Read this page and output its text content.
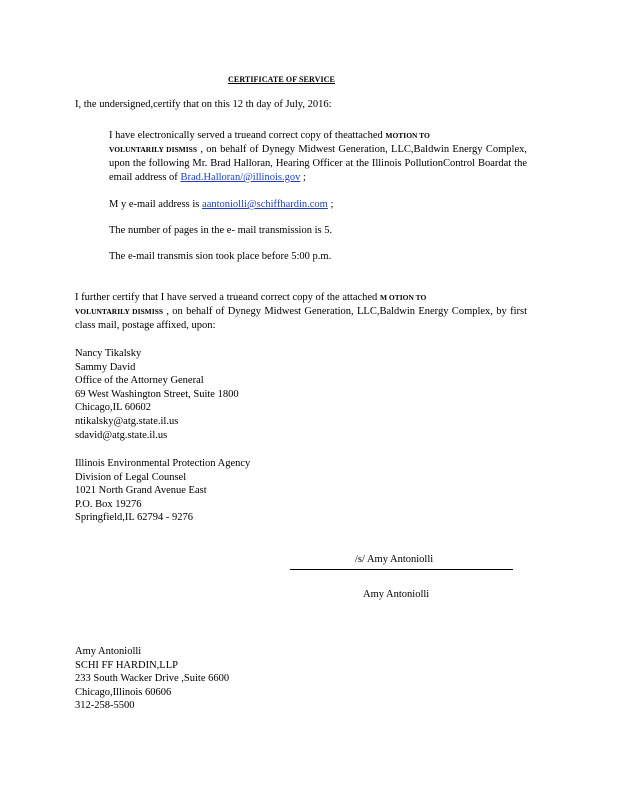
CERTIFICATE OF SERVICE
I, the undersigned,certify that on this 12 th day of July, 2016:
I have electronically served a trueand correct copy of theattached MOTION TO
VOLUNTARILY DISMISS , on behalf of Dynegy Midwest Generation, LLC,Baldwin Energy Complex, upon the following Mr. Brad Halloran, Hearing Officer at the Illinois PollutionControl Boardat the email address of Brad.Halloran/@illinois.gov ;
M y e-mail address is aantoniolli@schiffhardin.com ;
The number of pages in the e- mail transmission is 5.
The e-mail transmis sion took place before 5:00 p.m.
I further certify that I have served a trueand correct copy of the attached M OTION TO
VOLUNTARILY DISMISS , on behalf of Dynegy Midwest Generation, LLC,Baldwin Energy Complex, by first class mail, postage affixed, upon:
Nancy Tikalsky
Sammy David
Office of the Attorney General
69 West Washington Street, Suite 1800
Chicago,IL 60602
ntikalsky@atg.state.il.us
sdavid@atg.state.il.us
Illinois Environmental Protection Agency
Division of Legal Counsel
1021 North Grand Avenue East
P.O. Box 19276
Springfield,IL 62794 - 9276
/s/ Amy Antoniolli
Amy Antoniolli
Amy Antoniolli
SCHI FF HARDIN,LLP
233 South Wacker Drive ,Suite 6600
Chicago,Illinois 60606
312-258-5500
